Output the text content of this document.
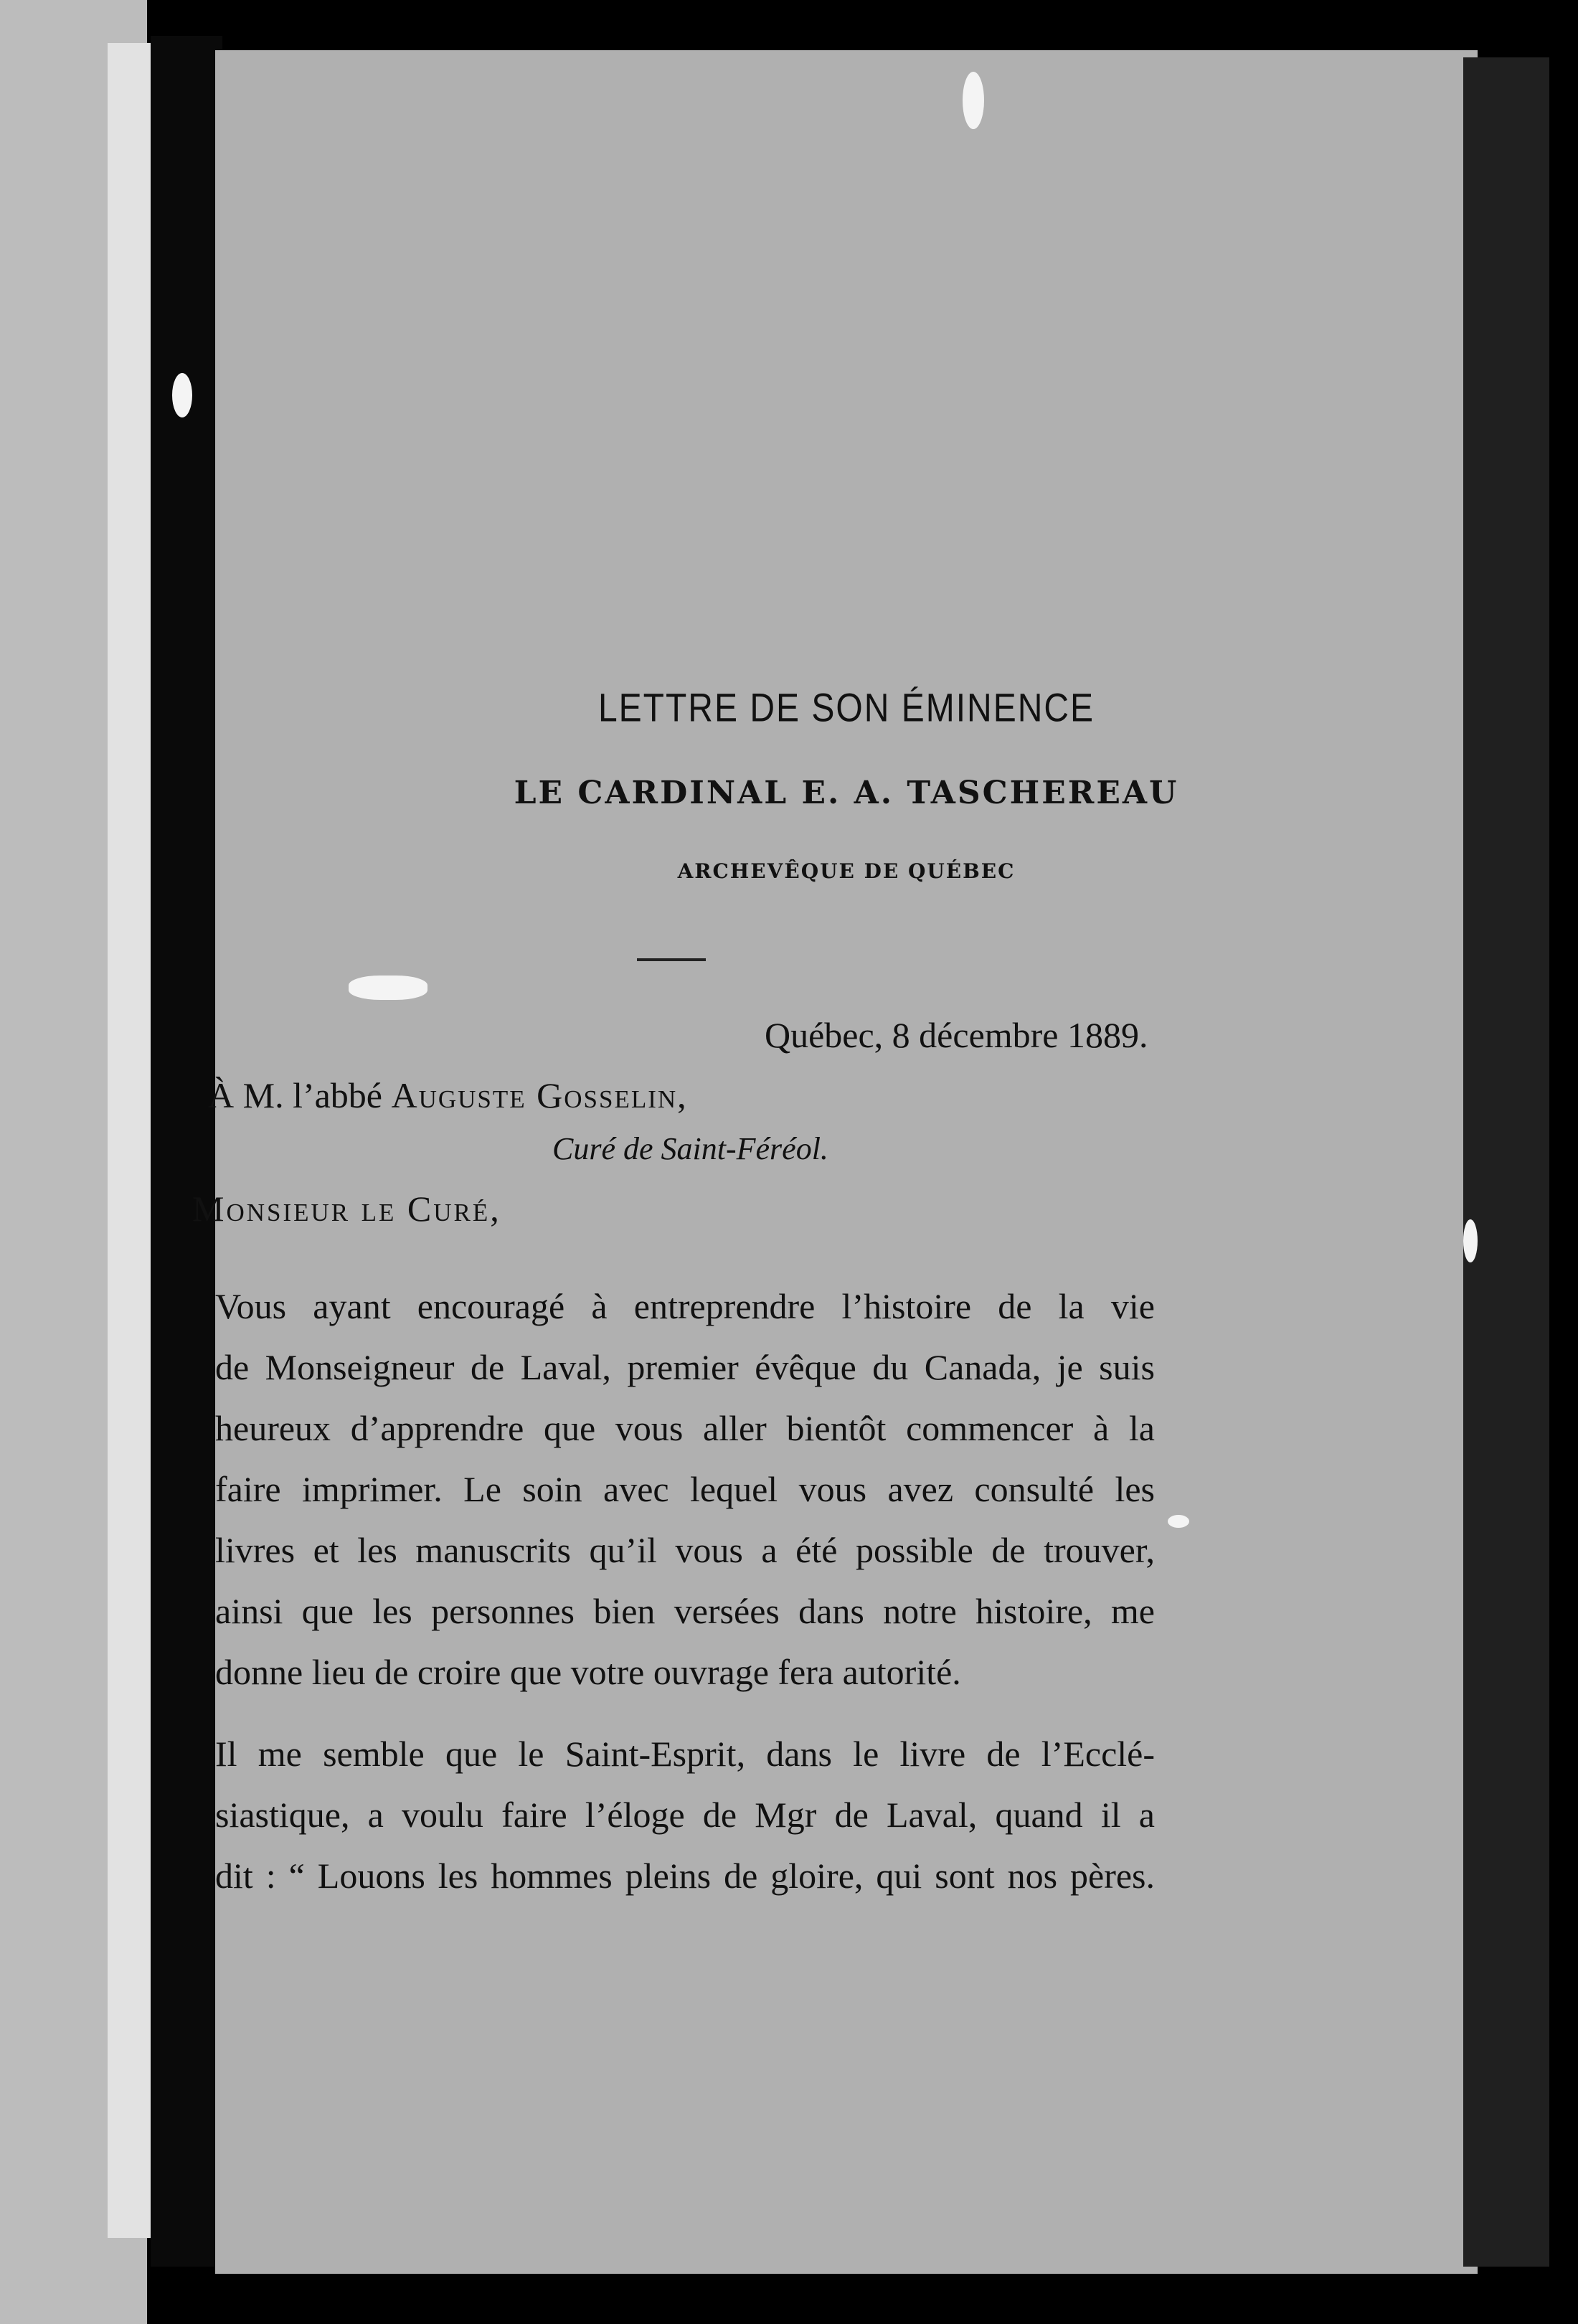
LETTRE DE SON ÉMINENCE
LE CARDINAL E. A. TASCHEREAU
ARCHEVÊQUE DE QUÉBEC
Québec, 8 décembre 1889.
À M. l’abbé Auguste Gosselin,
Curé de Saint-Féréol.
Monsieur le Curé,
Vous ayant encouragé à entreprendre l’histoire de la vie
de Monseigneur de Laval, premier évêque du Canada, je suis
heureux d’apprendre que vous aller bientôt commencer à la
faire imprimer. Le soin avec lequel vous avez consulté les
livres et les manuscrits qu’il vous a été possible de trouver,
ainsi que les personnes bien versées dans notre histoire, me
donne lieu de croire que votre ouvrage fera autorité.
Il me semble que le Saint-Esprit, dans le livre de l’Ecclé-
siastique, a voulu faire l’éloge de Mgr de Laval, quand il a
dit : “ Louons les hommes pleins de gloire, qui sont nos pères.
